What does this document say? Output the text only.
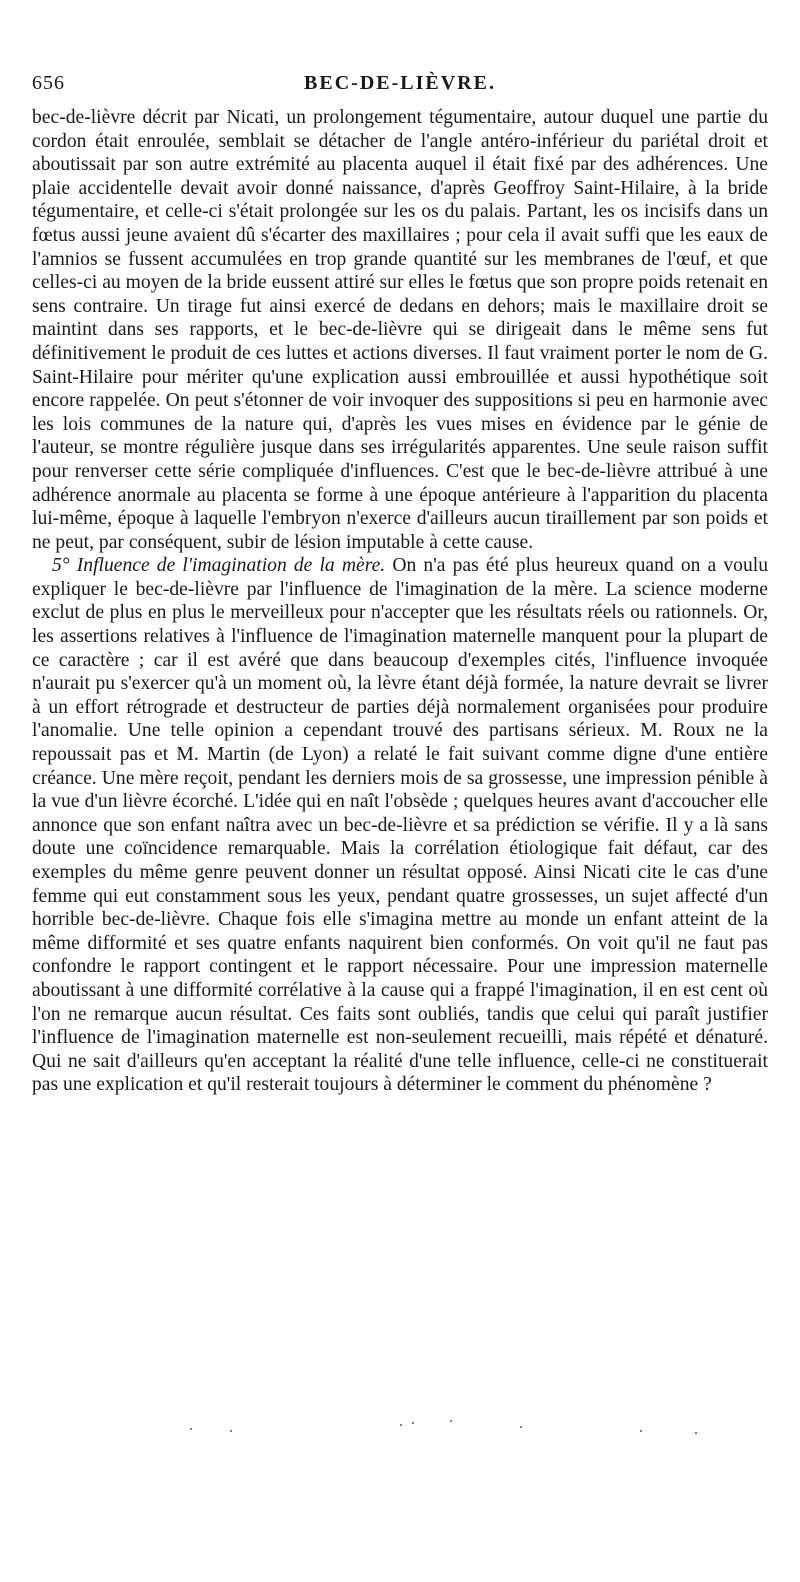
656	BEC-DE-LIÈVRE.

bec-de-lièvre décrit par Nicati, un prolongement tégumentaire, autour duquel une partie du cordon était enroulée, semblait se détacher de l'angle antéro-inférieur du pariétal droit et aboutissait par son autre extrémité au placenta auquel il était fixé par des adhérences. Une plaie accidentelle devait avoir donné naissance, d'après Geoffroy Saint-Hilaire, à la bride tégumentaire, et celle-ci s'était prolongée sur les os du palais. Partant, les os incisifs dans un fœtus aussi jeune avaient dû s'écarter des maxillaires ; pour cela il avait suffi que les eaux de l'amnios se fussent accumulées en trop grande quantité sur les membranes de l'œuf, et que celles-ci au moyen de la bride eussent attiré sur elles le fœtus que son propre poids retenait en sens contraire. Un tirage fut ainsi exercé de dedans en dehors; mais le maxillaire droit se maintint dans ses rapports, et le bec-de-lièvre qui se dirigeait dans le même sens fut définitivement le produit de ces luttes et actions diverses. Il faut vraiment porter le nom de G. Saint-Hilaire pour mériter qu'une explication aussi embrouillée et aussi hypothétique soit encore rappelée. On peut s'étonner de voir invoquer des suppositions si peu en harmonie avec les lois communes de la nature qui, d'après les vues mises en évidence par le génie de l'auteur, se montre régulière jusque dans ses irrégularités apparentes. Une seule raison suffit pour renverser cette série compliquée d'influences. C'est que le bec-de-lièvre attribué à une adhérence anormale au placenta se forme à une époque antérieure à l'apparition du placenta lui-même, époque à laquelle l'embryon n'exerce d'ailleurs aucun tiraillement par son poids et ne peut, par conséquent, subir de lésion imputable à cette cause.

5° Influence de l'imagination de la mère. On n'a pas été plus heureux quand on a voulu expliquer le bec-de-lièvre par l'influence de l'imagination de la mère. La science moderne exclut de plus en plus le merveilleux pour n'accepter que les résultats réels ou rationnels. Or, les assertions relatives à l'influence de l'imagination maternelle manquent pour la plupart de ce caractère ; car il est avéré que dans beaucoup d'exemples cités, l'influence invoquée n'aurait pu s'exercer qu'à un moment où, la lèvre étant déjà formée, la nature devrait se livrer à un effort rétrograde et destructeur de parties déjà normalement organisées pour produire l'anomalie. Une telle opinion a cependant trouvé des partisans sérieux. M. Roux ne la repoussait pas et M. Martin (de Lyon) a relaté le fait suivant comme digne d'une entière créance. Une mère reçoit, pendant les derniers mois de sa grossesse, une impression pénible à la vue d'un lièvre écorché. L'idée qui en naît l'obsède ; quelques heures avant d'accoucher elle annonce que son enfant naîtra avec un bec-de-lièvre et sa prédiction se vérifie. Il y a là sans doute une coïncidence remarquable. Mais la corrélation étiologique fait défaut, car des exemples du même genre peuvent donner un résultat opposé. Ainsi Nicati cite le cas d'une femme qui eut constamment sous les yeux, pendant quatre grossesses, un sujet affecté d'un horrible bec-de-lièvre. Chaque fois elle s'imagina mettre au monde un enfant atteint de la même difformité et ses quatre enfants naquirent bien conformés. On voit qu'il ne faut pas confondre le rapport contingent et le rapport nécessaire. Pour une impression maternelle aboutissant à une difformité corrélative à la cause qui a frappé l'imagination, il en est cent où l'on ne remarque aucun résultat. Ces faits sont oubliés, tandis que celui qui paraît justifier l'influence de l'imagination maternelle est non-seulement recueilli, mais répété et dénaturé. Qui ne sait d'ailleurs qu'en acceptant la réalité d'une telle influence, celle-ci ne constituerait pas une explication et qu'il resterait toujours à déterminer le comment du phénomène ?
